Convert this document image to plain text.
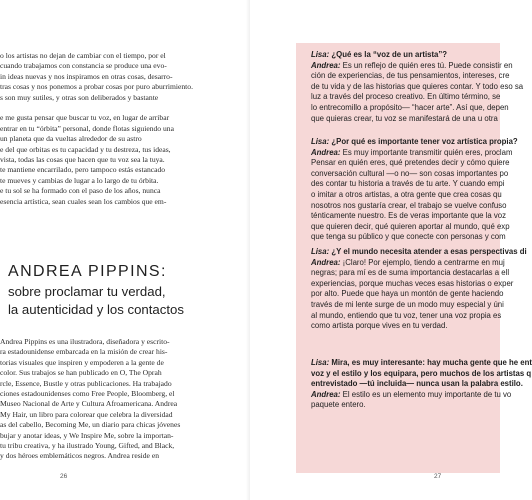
o los artistas no dejan de cambiar con el tiempo, por el
cuando trabajamos con constancia se produce una evo-
in ideas nuevas y nos inspiramos en otras cosas, desarro-
tras cosas y nos ponemos a probar cosas por puro aburrimiento.
s son muy sutiles, y otras son deliberados y bastante

e me gusta pensar que buscar tu voz, en lugar de arribar
entrar en tu “órbita” personal, donde flotas siguiendo una
un planeta que da vueltas alrededor de su astro
e del que orbitas es tu capacidad y tu destreza, tus ideas,
vista, todas las cosas que hacen que tu voz sea la tuya.
te mantiene encarrilado, pero tampoco estás estancado
te mueves y cambias de lugar a lo largo de tu órbita.
e tu sol se ha formado con el paso de los años, nunca
esencia artística, sean cuales sean los cambios que em-
ANDREA PIPPINS:
sobre proclamar tu verdad,
la autenticidad y los contactos
Andrea Pippins es una ilustradora, diseñadora y escrito-
ra estadounidense embarcada en la misión de crear his-
torias visuales que inspiren y empoderen a la gente de
color. Sus trabajos se han publicado en O, The Oprah
rcle, Essence, Bustle y otras publicaciones. Ha trabajado
ciones estadounidenses como Free People, Bloomberg, el
Museo Nacional de Arte y Cultura Afroamericana. Andrea
My Hair, un libro para colorear que celebra la diversidad
as del cabello, Becoming Me, un diario para chicas jóvenes
bujar y anotar ideas, y We Inspire Me, sobre la importan-
tu tribu creativa, y ha ilustrado Young, Gifted, and Black,
y dos héroes emblemáticos negros. Andrea reside en
26
Lisa: ¿Qué es la “voz de un artista”?
Andrea: Es un reflejo de quién eres tú. Puede consistir en
ción de experiencias, de tus pensamientos, intereses, cre
de tu vida y de las historias que quieres contar. Y todo eso sa
luz a través del proceso creativo. En último término, se
lo entrecomillo a propósito— “hacer arte”. Así que, depen
que quieras crear, tu voz se manifestará de una u otra
Lisa: ¿Por qué es importante tener voz artística propia?
Andrea: Es muy importante transmitir quién eres, proclam
Pensar en quién eres, qué pretendes decir y cómo quiere
conversación cultural —o no— son cosas importantes po
des contar tu historia a través de tu arte. Y cuando empi
o imitar a otros artistas, a otra gente que crea cosas qu
nosotros nos gustaría crear, el trabajo se vuelve confuso
ténticamente nuestro. Es de veras importante que la voz
que quieren decir, qué quieren aportar al mundo, qué exp
que tenga su público y que conecte con personas y com
Lisa: ¿Y el mundo necesita atender a esas perspectivas di
Andrea: ¡Claro! Por ejemplo, tiendo a centrarme en muj
negras; para mí es de suma importancia destacarlas a ell
experiencias, porque muchas veces esas historias o exper
por alto. Puede que haya un montón de gente haciendo
través de mi lente surge de un modo muy especial y úni
al mundo, entiendo que tu voz, tener una voz propia es
como artista porque vives en tu verdad.
Lisa: Mira, es muy interesante: hay mucha gente que he ent
voz y el estilo y los equipara, pero muchos de los artistas q
entrevistado —tú incluida— nunca usan la palabra estilo.
Andrea: El estilo es un elemento muy importante de tu vo
paquete entero.
27
